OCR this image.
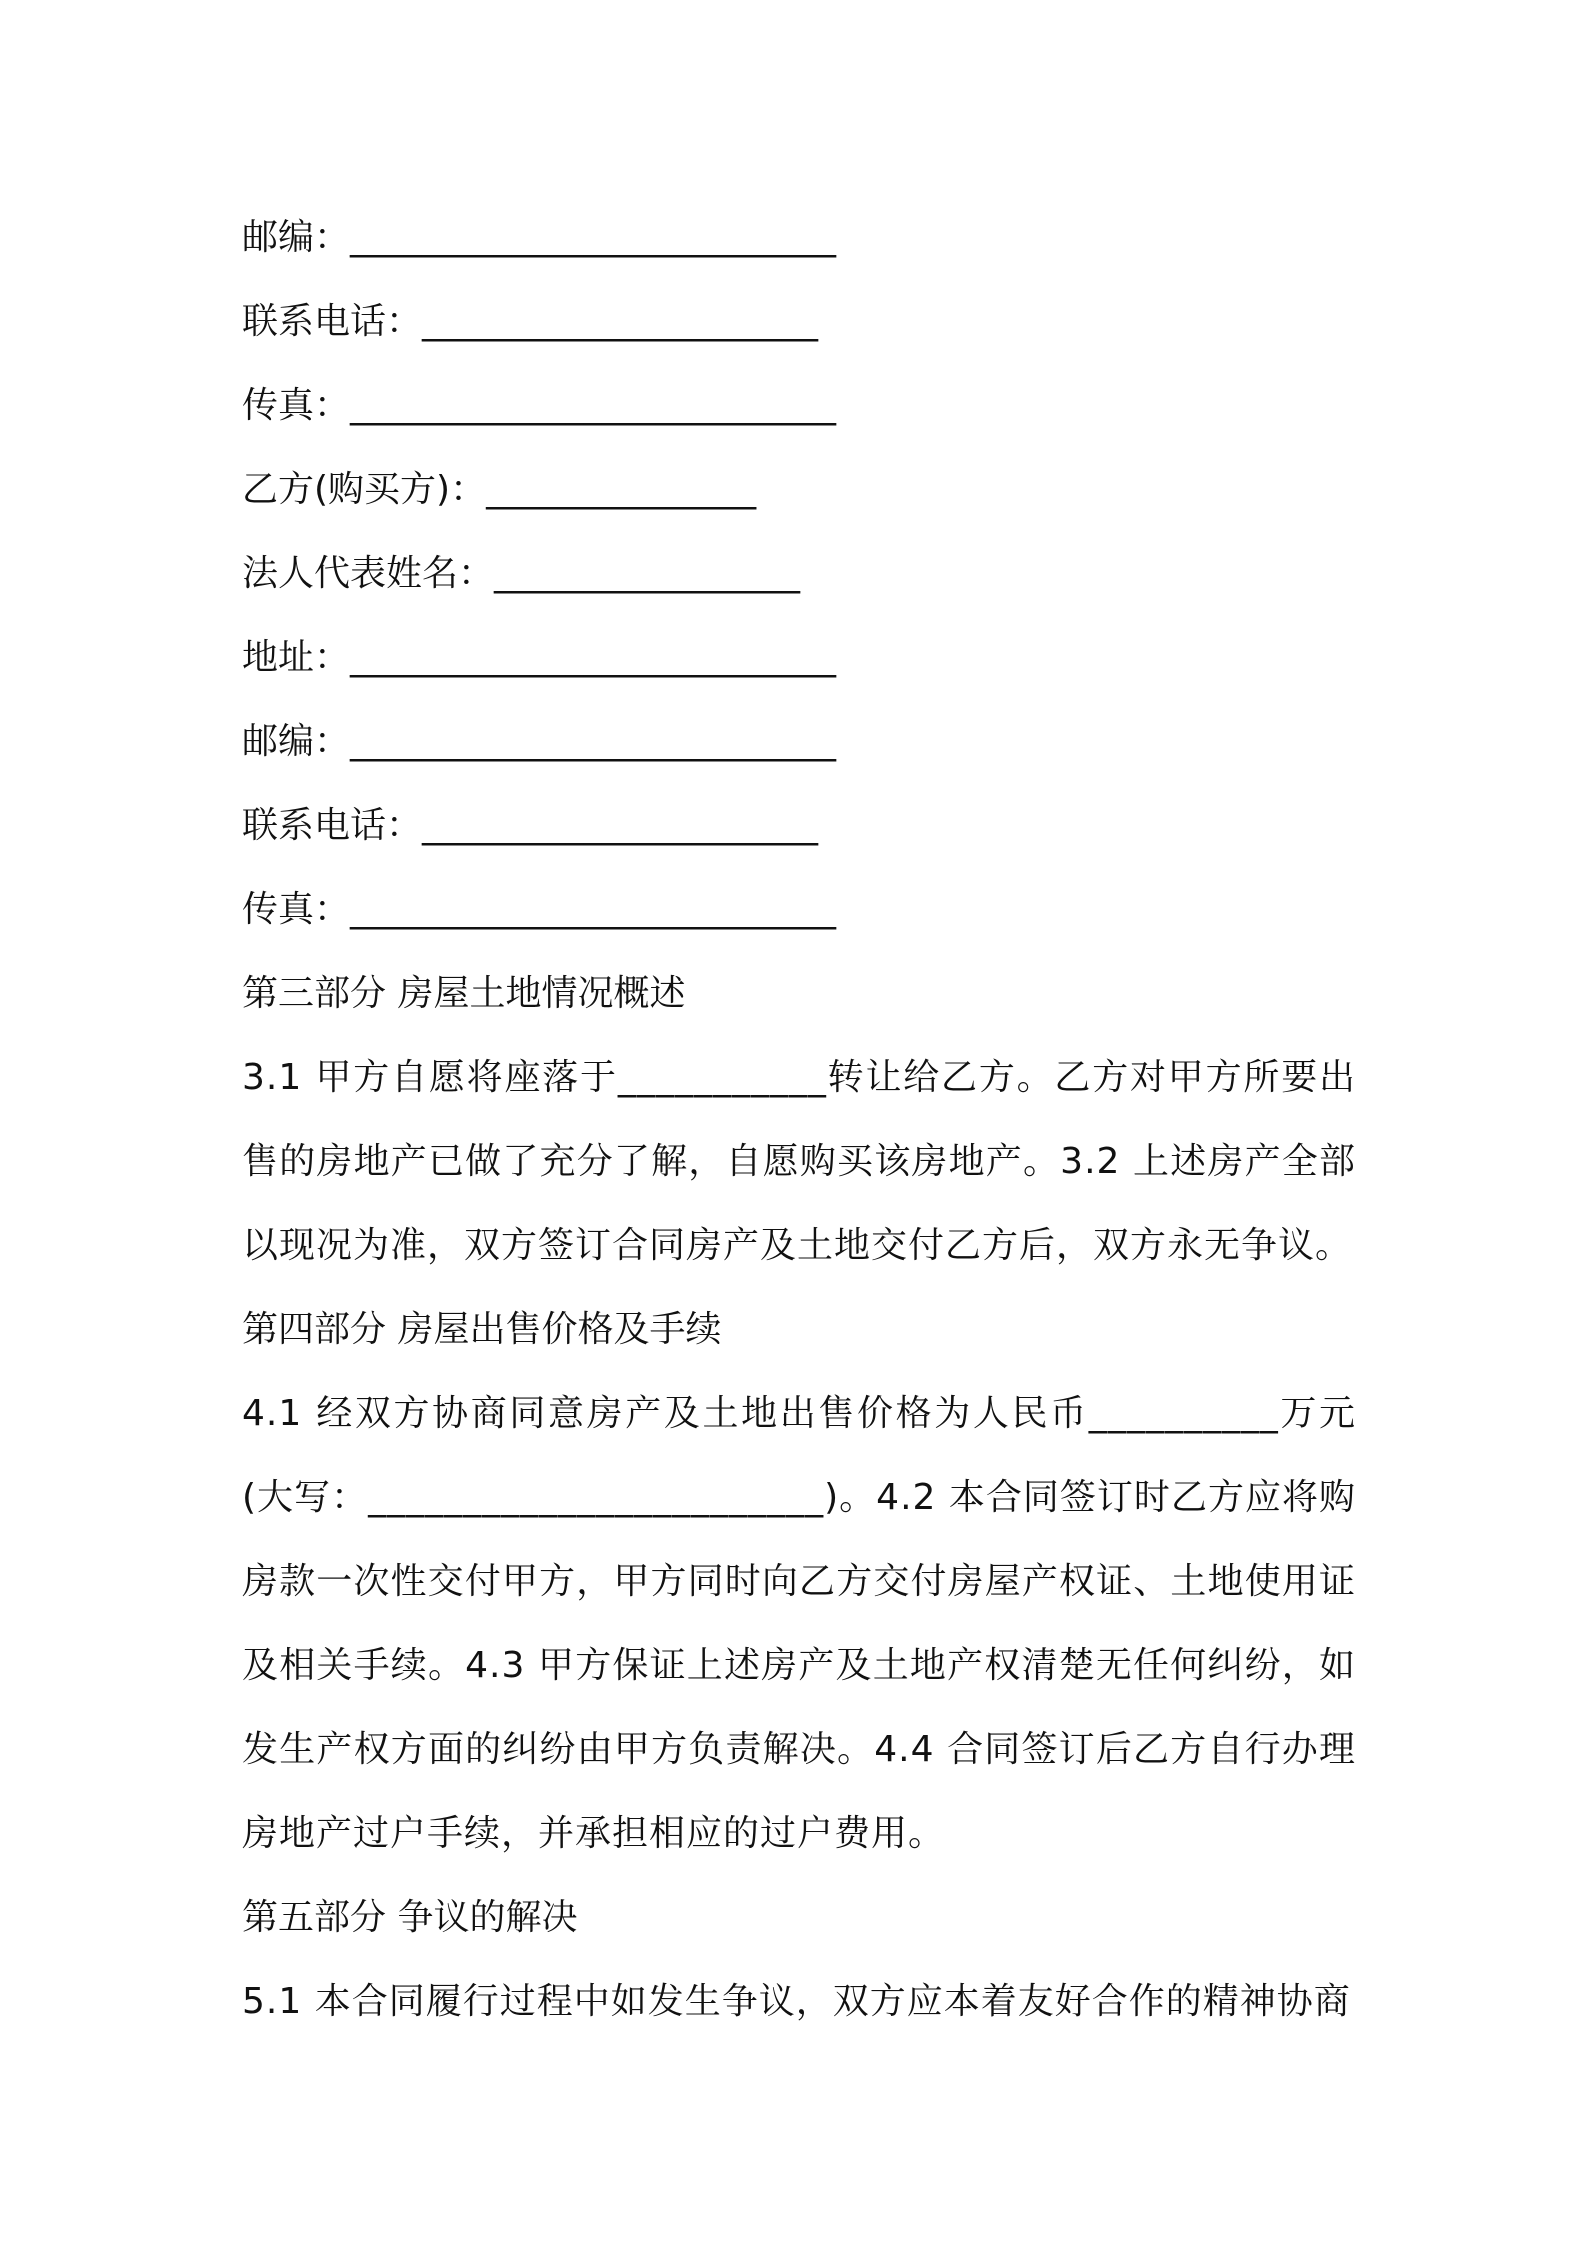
邮编：___________________________
联系电话：______________________
传真：___________________________
乙方(购买方)：_______________
法人代表姓名：_________________
地址：___________________________
邮编：___________________________
联系电话：______________________
传真：___________________________
第三部分 房屋土地情况概述
3.1 甲方自愿将座落于___________转让给乙方。乙方对甲方所要出售的房地产已做了充分了解，自愿购买该房地产。3.2 上述房产全部以现况为准，双方签订合同房产及土地交付乙方后，双方永无争议。
第四部分 房屋出售价格及手续
4.1 经双方协商同意房产及土地出售价格为人民币__________万元(大写：________________________)。4.2 本合同签订时乙方应将购房款一次性交付甲方，甲方同时向乙方交付房屋产权证、土地使用证及相关手续。4.3 甲方保证上述房产及土地产权清楚无任何纠纷，如发生产权方面的纠纷由甲方负责解决。4.4 合同签订后乙方自行办理房地产过户手续，并承担相应的过户费用。
第五部分 争议的解决
5.1 本合同履行过程中如发生争议，双方应本着友好合作的精神协商
